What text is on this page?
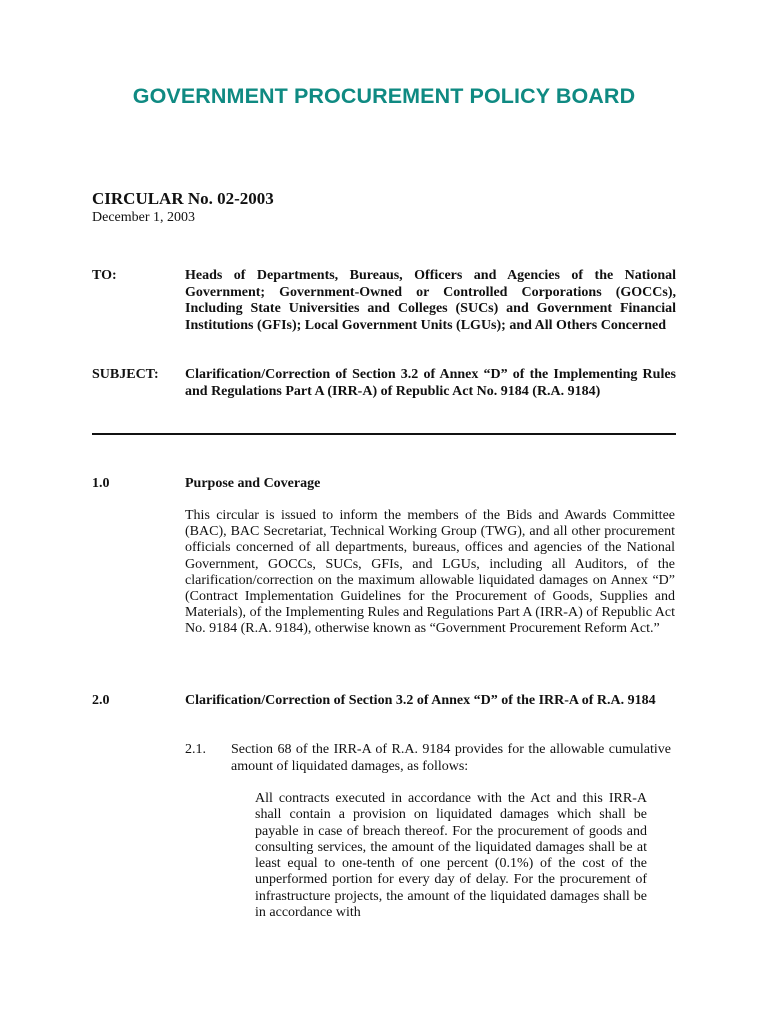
GOVERNMENT PROCUREMENT POLICY BOARD
CIRCULAR No. 02-2003
December 1, 2003
TO:	Heads of Departments, Bureaus, Officers and Agencies of the National Government; Government-Owned or Controlled Corporations (GOCCs), Including State Universities and Colleges (SUCs) and Government Financial Institutions (GFIs); Local Government Units (LGUs); and All Others Concerned
SUBJECT: Clarification/Correction of Section 3.2 of Annex “D” of the Implementing Rules and Regulations Part A (IRR-A) of Republic Act No. 9184 (R.A. 9184)
1.0	Purpose and Coverage
This circular is issued to inform the members of the Bids and Awards Committee (BAC), BAC Secretariat, Technical Working Group (TWG), and all other procurement officials concerned of all departments, bureaus, offices and agencies of the National Government, GOCCs, SUCs, GFIs, and LGUs, including all Auditors, of the clarification/correction on the maximum allowable liquidated damages on Annex “D” (Contract Implementation Guidelines for the Procurement of Goods, Supplies and Materials), of the Implementing Rules and Regulations Part A (IRR-A) of Republic Act No. 9184 (R.A. 9184), otherwise known as “Government Procurement Reform Act.”
2.0	Clarification/Correction of Section 3.2 of Annex “D” of the IRR-A of R.A. 9184
2.1. Section 68 of the IRR-A of R.A. 9184 provides for the allowable cumulative amount of liquidated damages, as follows:
All contracts executed in accordance with the Act and this IRR-A shall contain a provision on liquidated damages which shall be payable in case of breach thereof. For the procurement of goods and consulting services, the amount of the liquidated damages shall be at least equal to one-tenth of one percent (0.1%) of the cost of the unperformed portion for every day of delay. For the procurement of infrastructure projects, the amount of the liquidated damages shall be in accordance with
